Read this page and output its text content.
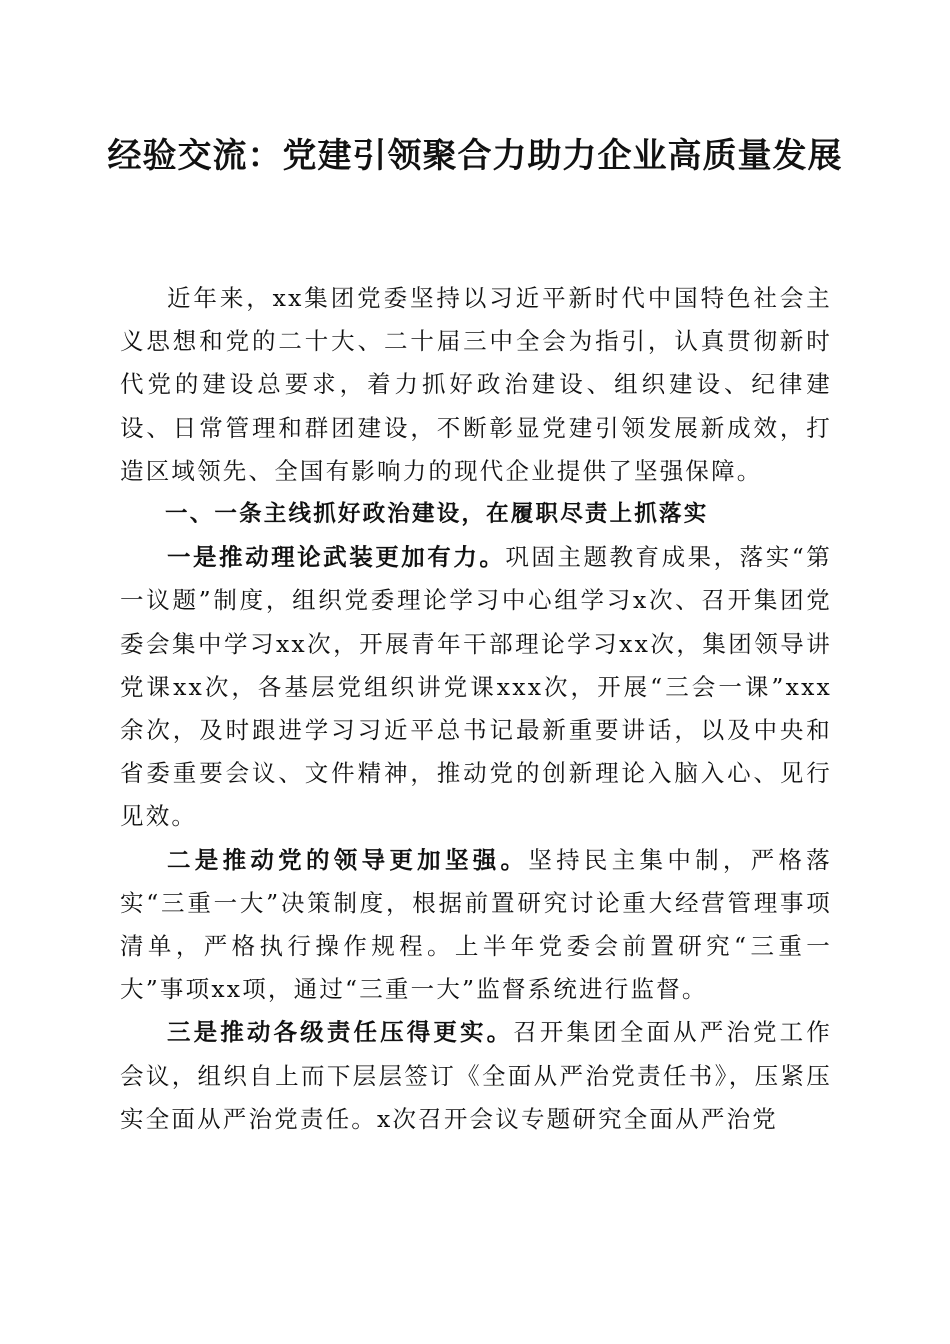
经验交流：党建引领聚合力助力企业高质量发展

近年来，xx集团党委坚持以习近平新时代中国特色社会主义思想和党的二十大、二十届三中全会为指引，认真贯彻新时代党的建设总要求，着力抓好政治建设、组织建设、纪律建设、日常管理和群团建设，不断彰显党建引领发展新成效，打造区域领先、全国有影响力的现代企业提供了坚强保障。

一、一条主线抓好政治建设，在履职尽责上抓落实

一是推动理论武装更加有力。巩固主题教育成果，落实“第一议题”制度，组织党委理论学习中心组学习x次、召开集团党委会集中学习xx次，开展青年干部理论学习xx次，集团领导讲党课xx次，各基层党组织讲党课xxx次，开展“三会一课”xxx余次，及时跟进学习习近平总书记最新重要讲话，以及中央和省委重要会议、文件精神，推动党的创新理论入脑入心、见行见效。

二是推动党的领导更加坚强。坚持民主集中制，严格落实“三重一大”决策制度，根据前置研究讨论重大经营管理事项清单，严格执行操作规程。上半年党委会前置研究“三重一大”事项xx项，通过“三重一大”监督系统进行监督。

三是推动各级责任压得更实。召开集团全面从严治党工作会议，组织自上而下层层签订《全面从严治党责任书》，压紧压实全面从严治党责任。x次召开会议专题研究全面从严治党
